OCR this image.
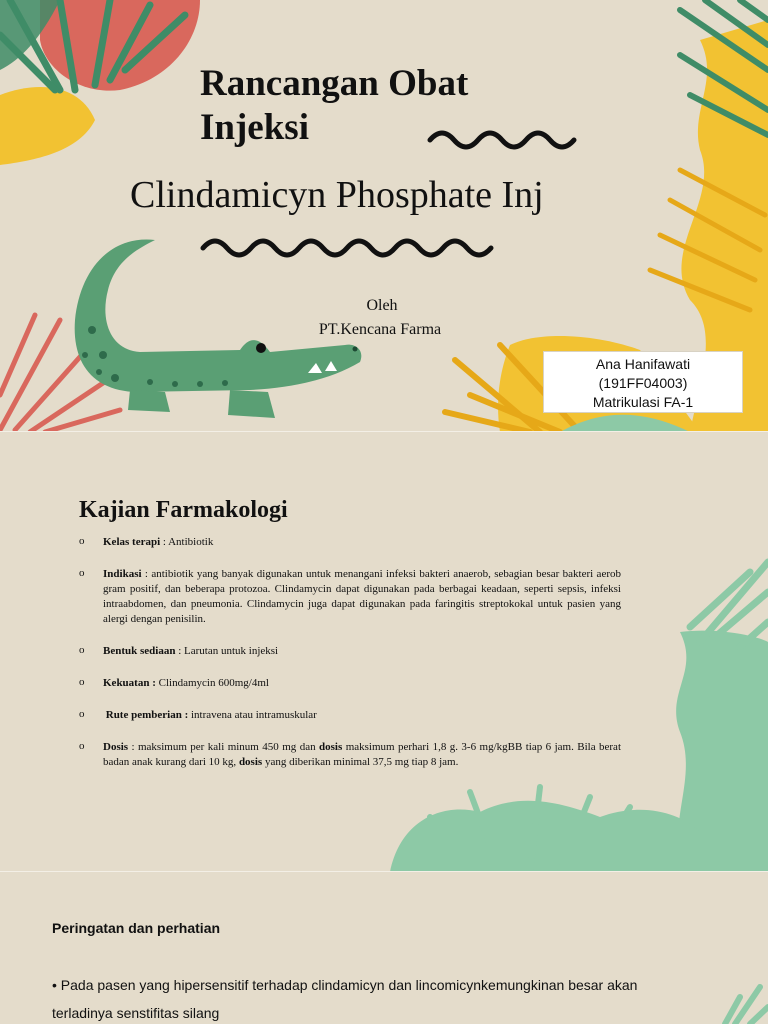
Rancangan Obat Injeksi
Clindamicyn Phosphate Inj
Oleh
PT.Kencana Farma
Ana Hanifawati
(191FF04003)
Matrikulasi FA-1
Kajian Farmakologi
o Kelas terapi : Antibiotik
o Indikasi : antibiotik yang banyak digunakan untuk menangani infeksi bakteri anaerob, sebagian besar bakteri aerob gram positif, dan beberapa protozoa. Clindamycin dapat digunakan pada berbagai keadaan, seperti sepsis, infeksi intraabdomen, dan pneumonia. Clindamycin juga dapat digunakan pada faringitis streptokokal untuk pasien yang alergi dengan penisilin.
o Bentuk sediaan : Larutan untuk injeksi
o Kekuatan : Clindamycin 600mg/4ml
o Rute pemberian : intravena atau intramuskular
o Dosis : maksimum per kali minum 450 mg dan dosis maksimum perhari 1,8 g. 3-6 mg/kgBB tiap 6 jam. Bila berat badan anak kurang dari 10 kg, dosis yang diberikan minimal 37,5 mg tiap 8 jam.
Peringatan dan perhatian
• Pada pasen yang hipersensitif terhadap clindamicyn dan lincomicynkemungkinan besar akan terladinya senstifitas silang
